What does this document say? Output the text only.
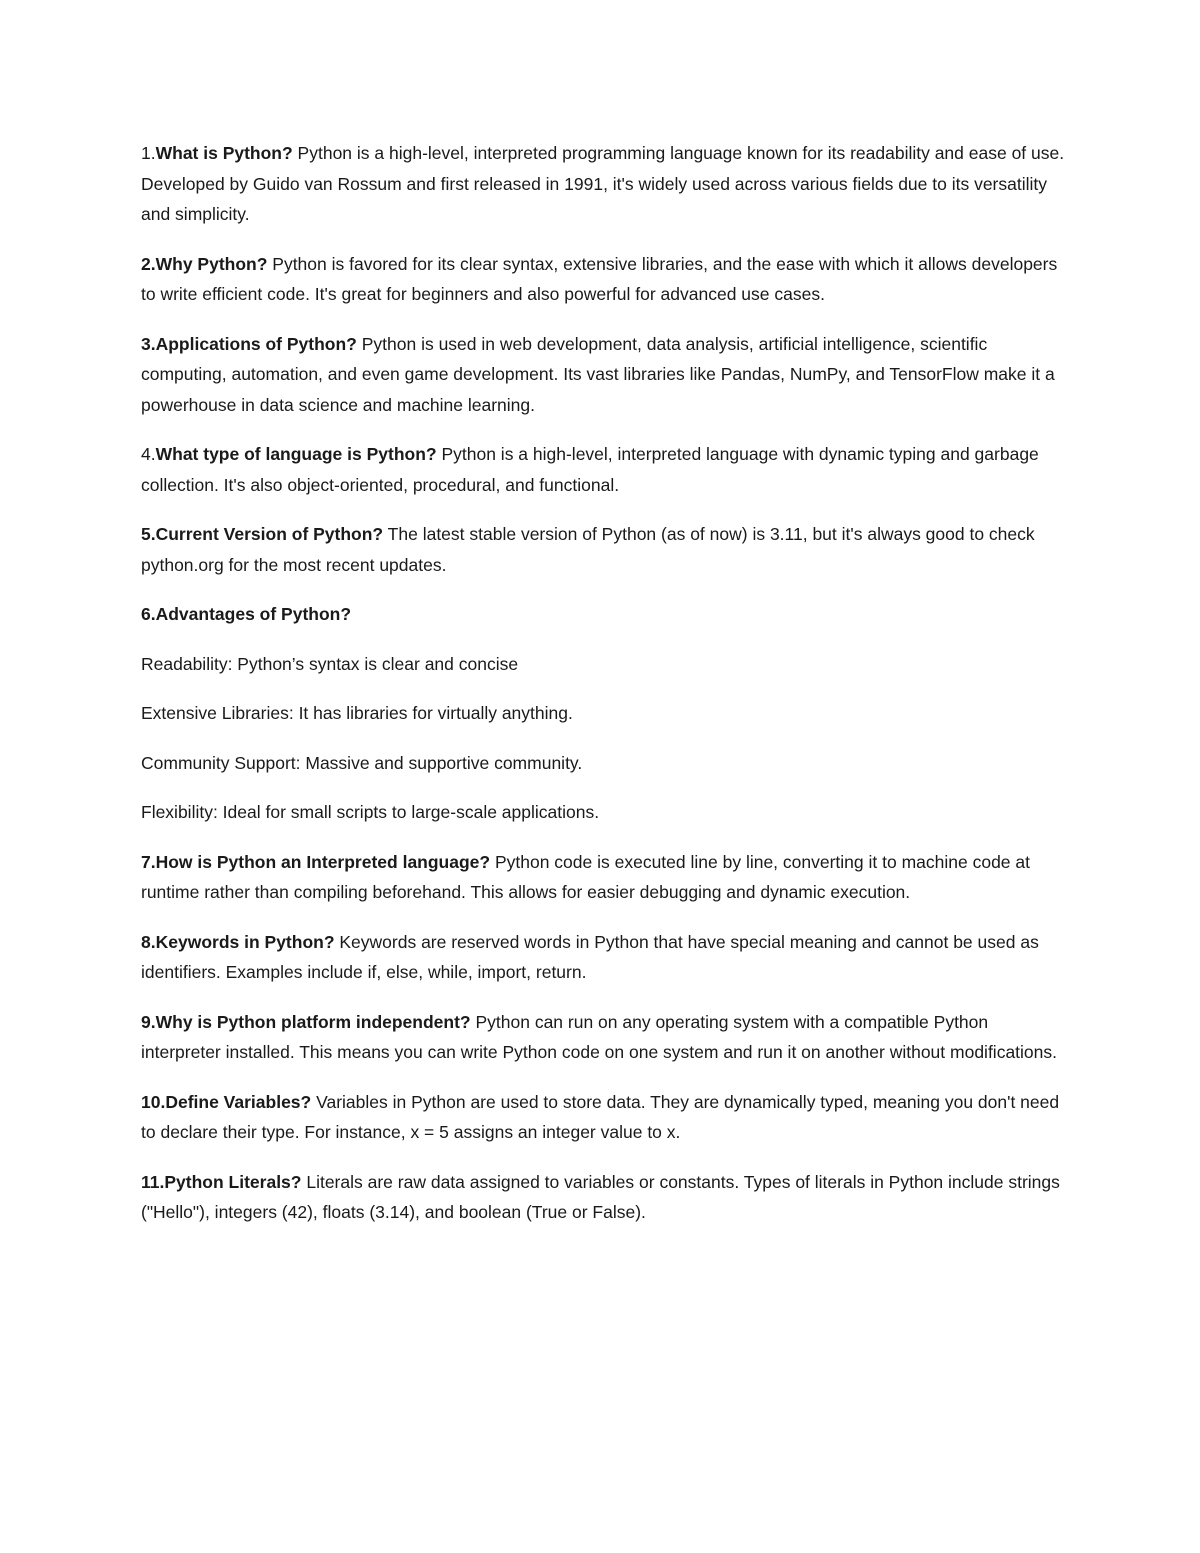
1.What is Python? Python is a high-level, interpreted programming language known for its readability and ease of use. Developed by Guido van Rossum and first released in 1991, it's widely used across various fields due to its versatility and simplicity.

2.Why Python? Python is favored for its clear syntax, extensive libraries, and the ease with which it allows developers to write efficient code. It's great for beginners and also powerful for advanced use cases.

3.Applications of Python? Python is used in web development, data analysis, artificial intelligence, scientific computing, automation, and even game development. Its vast libraries like Pandas, NumPy, and TensorFlow make it a powerhouse in data science and machine learning.

4.What type of language is Python? Python is a high-level, interpreted language with dynamic typing and garbage collection. It's also object-oriented, procedural, and functional.

5.Current Version of Python? The latest stable version of Python (as of now) is 3.11, but it's always good to check python.org for the most recent updates.

6.Advantages of Python?

Readability: Python’s syntax is clear and concise

Extensive Libraries: It has libraries for virtually anything.

Community Support: Massive and supportive community.

Flexibility: Ideal for small scripts to large-scale applications.

7.How is Python an Interpreted language? Python code is executed line by line, converting it to machine code at runtime rather than compiling beforehand. This allows for easier debugging and dynamic execution.

8.Keywords in Python? Keywords are reserved words in Python that have special meaning and cannot be used as identifiers. Examples include if, else, while, import, return.

9.Why is Python platform independent? Python can run on any operating system with a compatible Python interpreter installed. This means you can write Python code on one system and run it on another without modifications.

10.Define Variables? Variables in Python are used to store data. They are dynamically typed, meaning you don't need to declare their type. For instance, x = 5 assigns an integer value to x.

11.Python Literals? Literals are raw data assigned to variables or constants. Types of literals in Python include strings ("Hello"), integers (42), floats (3.14), and boolean (True or False).
